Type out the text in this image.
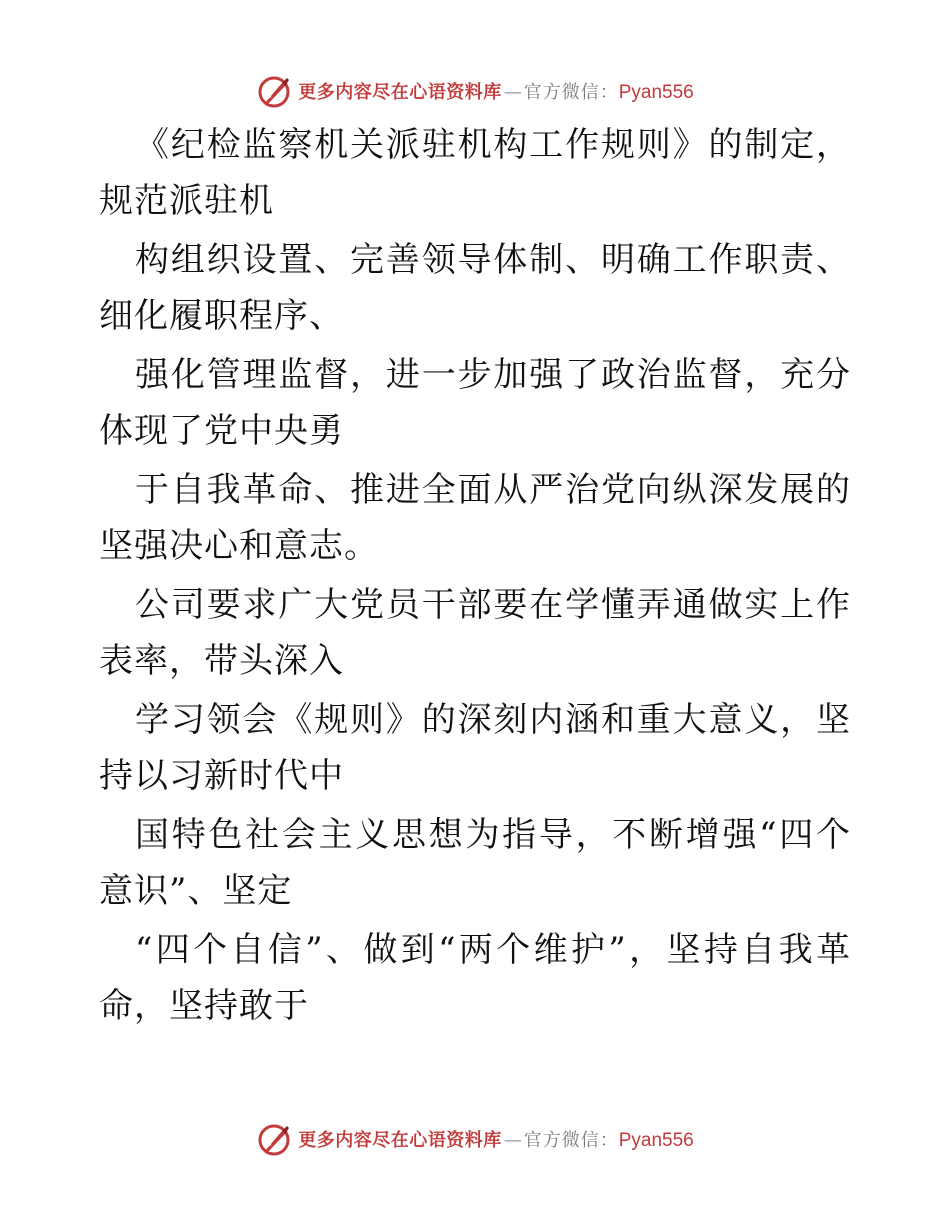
更多内容尽在心语资料库 — 官方微信： Pyan556

《纪检监察机关派驻机构工作规则》的制定，规范派驻机

构组织设置、完善领导体制、明确工作职责、细化履职程序、

强化管理监督，进一步加强了政治监督，充分体现了党中央勇

于自我革命、推进全面从严治党向纵深发展的坚强决心和意志。

公司要求广大党员干部要在学懂弄通做实上作表率，带头深入

学习领会《规则》的深刻内涵和重大意义，坚持以习新时代中

国特色社会主义思想为指导，不断增强“四个意识”、坚定

“四个自信”、做到“两个维护”，坚持自我革命，坚持敢于

更多内容尽在心语资料库 — 官方微信： Pyan556
